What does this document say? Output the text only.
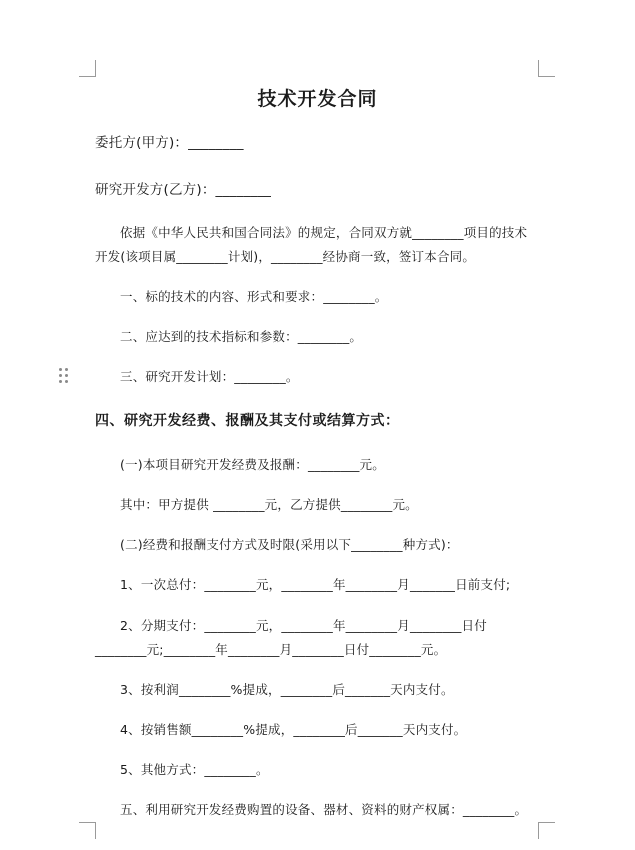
技术开发合同
委托方(甲方)：________
研究开发方(乙方)：________
依据《中华人民共和国合同法》的规定，合同双方就________项目的技术
开发(该项目属________计划)，________经协商一致，签订本合同。
一、标的技术的内容、形式和要求：________。
二、应达到的技术指标和参数：________。
三、研究开发计划：________。
四、研究开发经费、报酬及其支付或结算方式：
(一)本项目研究开发经费及报酬：________元。
其中：甲方提供 ________元，乙方提供________元。
(二)经费和报酬支付方式及时限(采用以下________种方式)：
1、一次总付：________元，________年________月_______日前支付;
2、分期支付：________元，________年________月________日付
________元;________年________月________日付________元。
3、按利润________%提成，________后_______天内支付。
4、按销售额________%提成，________后_______天内支付。
5、其他方式：________。
五、利用研究开发经费购置的设备、器材、资料的财产权属：________。
